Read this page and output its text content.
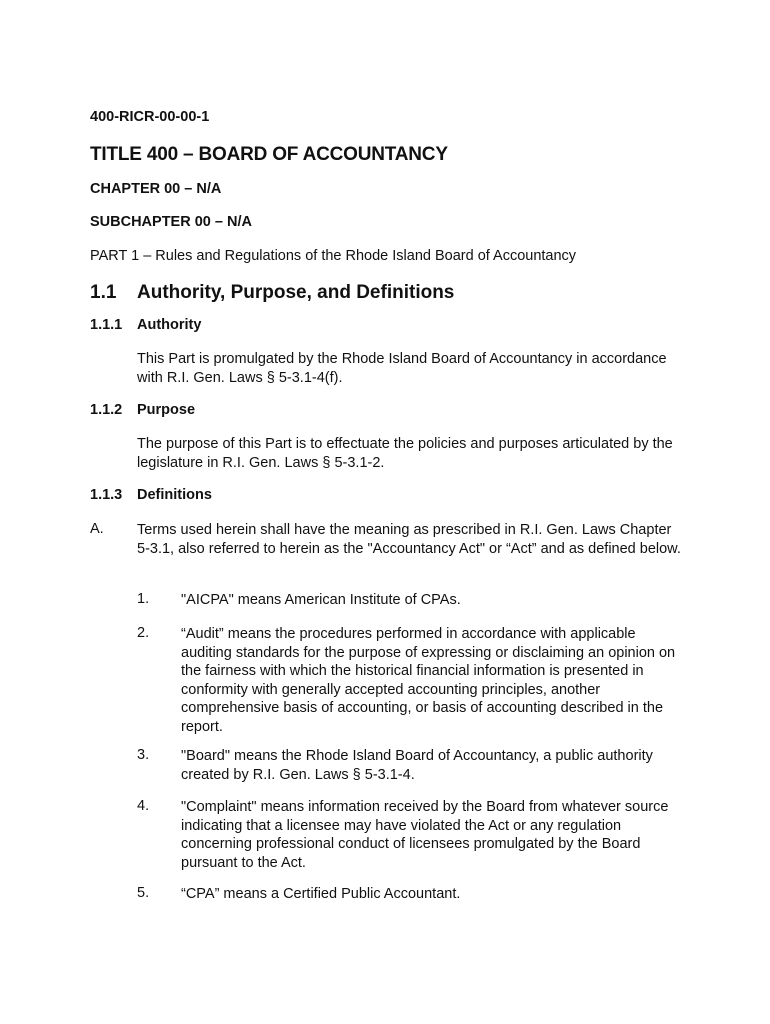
400-RICR-00-00-1
TITLE 400 – BOARD OF ACCOUNTANCY
CHAPTER 00 – N/A
SUBCHAPTER 00 – N/A
PART 1 – Rules and Regulations of the Rhode Island Board of Accountancy
1.1 Authority, Purpose, and Definitions
1.1.1 Authority
This Part is promulgated by the Rhode Island Board of Accountancy in accordance with R.I. Gen. Laws § 5-3.1-4(f).
1.1.2 Purpose
The purpose of this Part is to effectuate the policies and purposes articulated by the legislature in R.I. Gen. Laws § 5-3.1-2.
1.1.3 Definitions
A. Terms used herein shall have the meaning as prescribed in R.I. Gen. Laws Chapter 5-3.1, also referred to herein as the "Accountancy Act" or “Act” and as defined below.
1. "AICPA" means American Institute of CPAs.
2. “Audit” means the procedures performed in accordance with applicable auditing standards for the purpose of expressing or disclaiming an opinion on the fairness with which the historical financial information is presented in conformity with generally accepted accounting principles, another comprehensive basis of accounting, or basis of accounting described in the report.
3. "Board" means the Rhode Island Board of Accountancy, a public authority created by R.I. Gen. Laws § 5-3.1-4.
4. "Complaint" means information received by the Board from whatever source indicating that a licensee may have violated the Act or any regulation concerning professional conduct of licensees promulgated by the Board pursuant to the Act.
5. “CPA” means a Certified Public Accountant.
